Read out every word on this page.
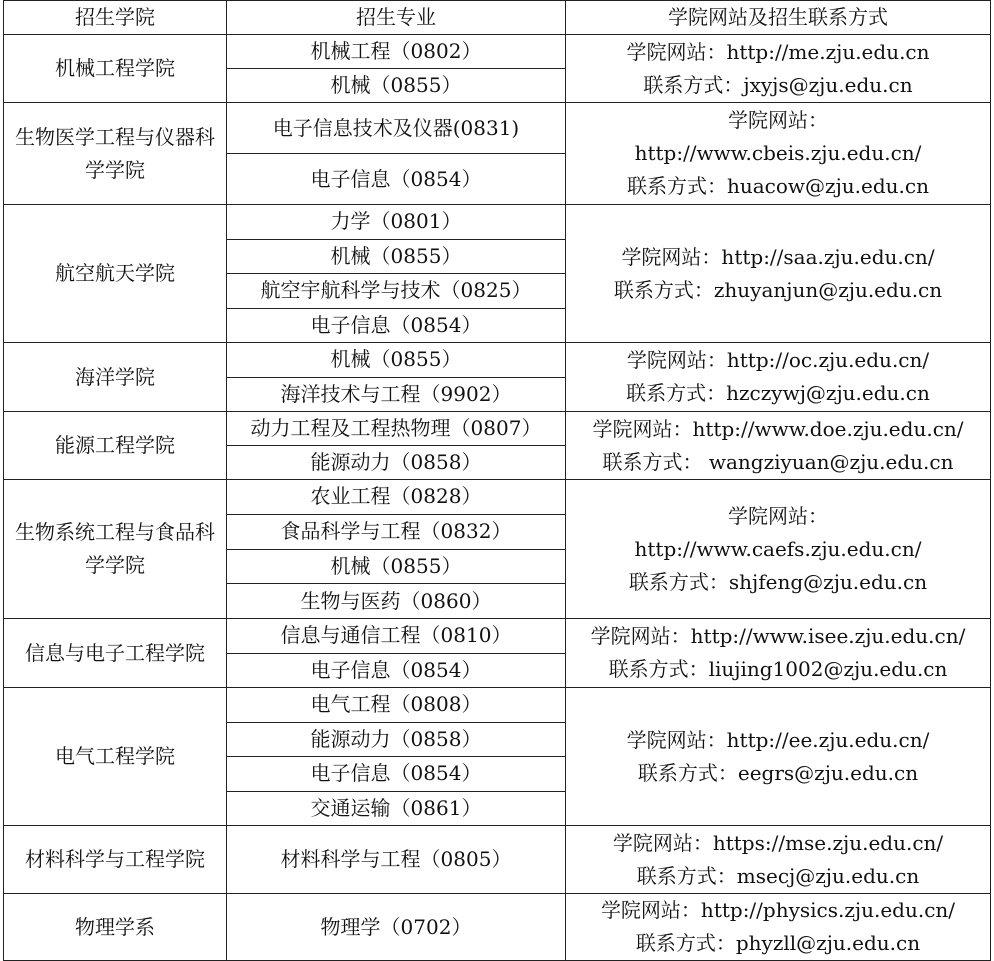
招生学院	招生专业	学院网站及招生联系方式
机械工程学院	机械工程（0802）	学院网站：http://me.zju.edu.cn
联系方式：jxyjs@zju.edu.cn

	机械（0855）	
生物医学工程与仪器科学学院	电子信息技术及仪器(0831)	学院网站：
http://www.cbeis.zju.edu.cn/
联系方式：huacow@zju.edu.cn

	电子信息（0854）	
航空航天学院	力学（0801）	学院网站：http://saa.zju.edu.cn/
联系方式：zhuyanjun@zju.edu.cn

	机械（0855）	
	航空宇航科学与技术（0825）	
	电子信息（0854）	
海洋学院	机械（0855）	学院网站：http://oc.zju.edu.cn/
联系方式：hzczywj@zju.edu.cn

	海洋技术与工程（9902）	
能源工程学院	动力工程及工程热物理（0807）	学院网站：http://www.doe.zju.edu.cn/
联系方式： wangziyuan@zju.edu.cn

	能源动力（0858）	
生物系统工程与食品科学学院	农业工程（0828）	学院网站：
http://www.caefs.zju.edu.cn/
联系方式：shjfeng@zju.edu.cn

	食品科学与工程（0832）	
	机械（0855）	
	生物与医药（0860）	
信息与电子工程学院	信息与通信工程（0810）	学院网站：http://www.isee.zju.edu.cn/
联系方式：liujing1002@zju.edu.cn

	电子信息（0854）	
电气工程学院	电气工程（0808）	学院网站：http://ee.zju.edu.cn/
联系方式：eegrs@zju.edu.cn

	能源动力（0858）	
	电子信息（0854）	
	交通运输（0861）	
材料科学与工程学院	材料科学与工程（0805）	学院网站：https://mse.zju.edu.cn/
联系方式：msecj@zju.edu.cn

物理学系	物理学（0702）	学院网站：http://physics.zju.edu.cn/
联系方式：phyzll@zju.edu.cn
